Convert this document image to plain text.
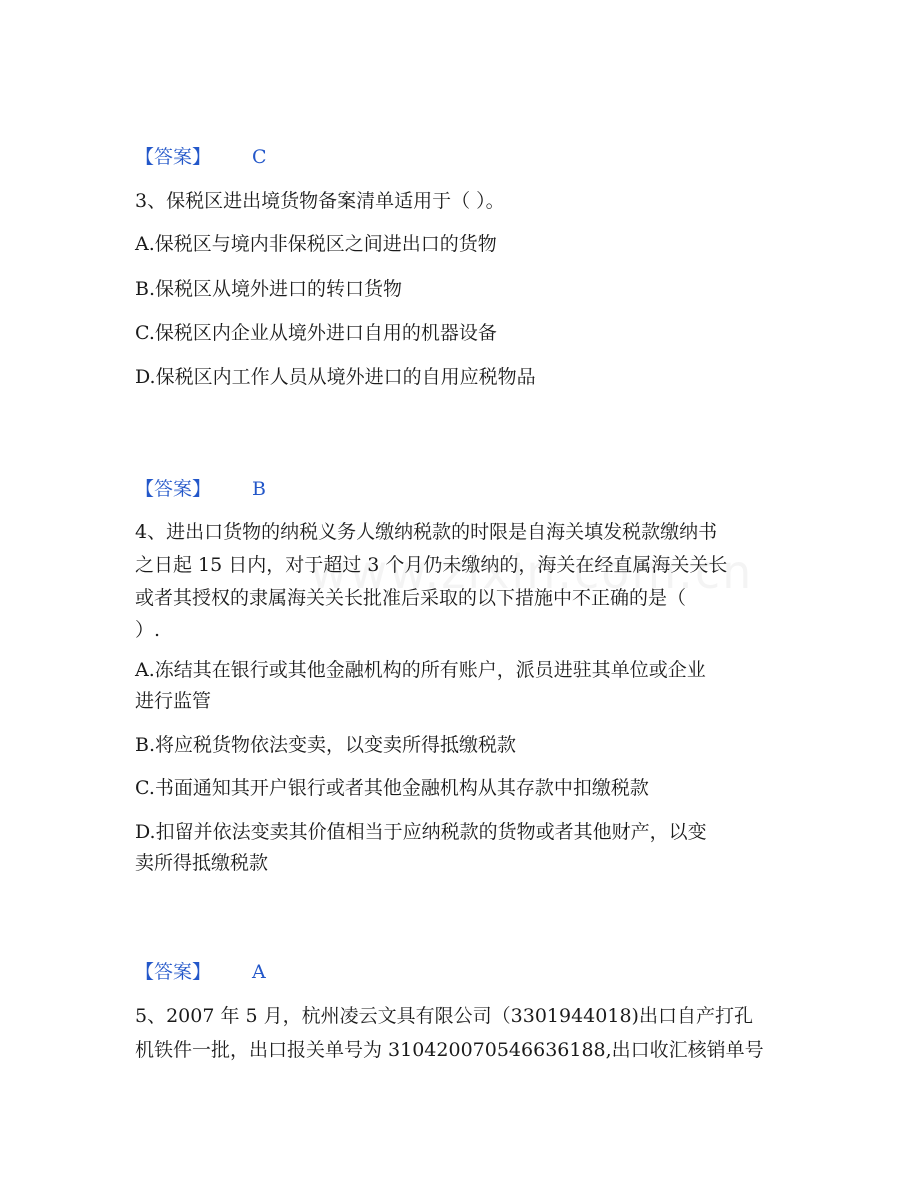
【答案】 C
3、保税区进出境货物备案清单适用于（ ）。
A.保税区与境内非保税区之间进出口的货物
B.保税区从境外进口的转口货物
C.保税区内企业从境外进口自用的机器设备
D.保税区内工作人员从境外进口的自用应税物品
【答案】 B
4、进出口货物的纳税义务人缴纳税款的时限是自海关填发税款缴纳书
之日起 15 日内，对于超过 3 个月仍未缴纳的，海关在经直属海关关长
或者其授权的隶属海关关长批准后采取的以下措施中不正确的是（
）.
A.冻结其在银行或其他金融机构的所有账户，派员进驻其单位或企业
进行监管
B.将应税货物依法变卖，以变卖所得抵缴税款
C.书面通知其开户银行或者其他金融机构从其存款中扣缴税款
D.扣留并依法变卖其价值相当于应纳税款的货物或者其他财产，以变
卖所得抵缴税款
【答案】 A
5、2007 年 5 月，杭州凌云文具有限公司（3301944018)出口自产打孔
机铁件一批，出口报关单号为 310420070546636188,出口收汇核销单号
